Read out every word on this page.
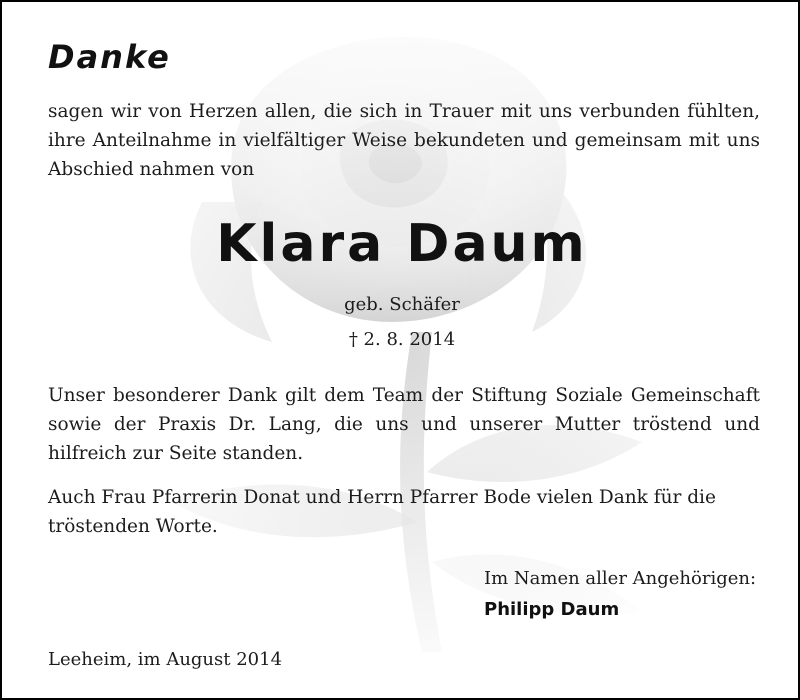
Danke
sagen wir von Herzen allen, die sich in Trauer mit uns verbunden fühlten, ihre Anteilnahme in vielfältiger Weise bekundeten und gemeinsam mit uns Abschied nahmen von
Klara Daum
geb. Schäfer
† 2. 8. 2014
Unser besonderer Dank gilt dem Team der Stiftung Soziale Gemeinschaft sowie der Praxis Dr. Lang, die uns und unserer Mutter tröstend und hilfreich zur Seite standen.
Auch Frau Pfarrerin Donat und Herrn Pfarrer Bode vielen Dank für die tröstenden Worte.
Im Namen aller Angehörigen:
Philipp Daum
Leeheim, im August 2014
